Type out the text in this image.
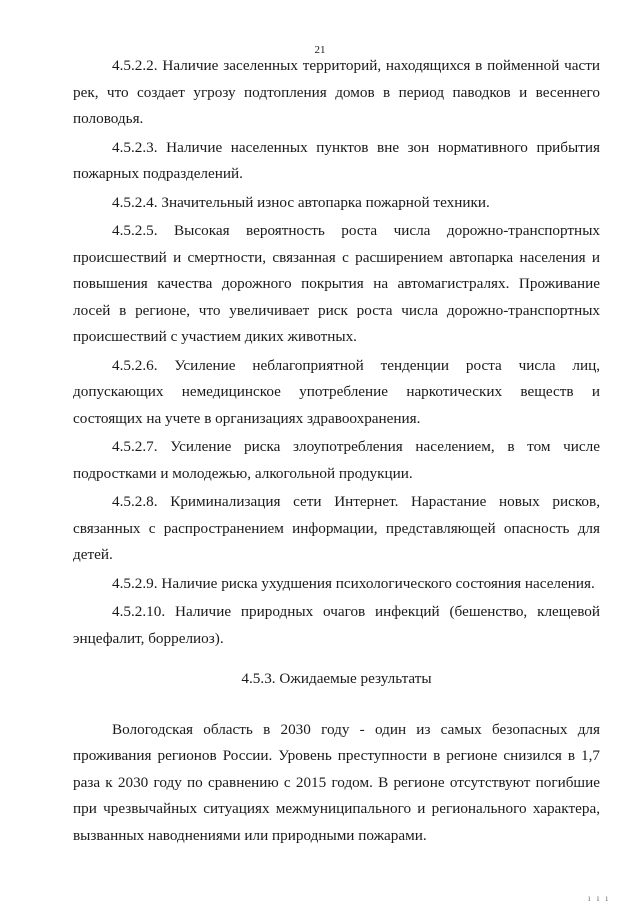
21

4.5.2.2. Наличие заселенных территорий, находящихся в пойменной части рек, что создает угрозу подтопления домов в период паводков и весеннего половодья.

4.5.2.3. Наличие населенных пунктов вне зон нормативного прибытия пожарных подразделений.

4.5.2.4. Значительный износ автопарка пожарной техники.

4.5.2.5. Высокая вероятность роста числа дорожно-транспортных происшествий и смертности, связанная с расширением автопарка населения и повышения качества дорожного покрытия на автомагистралях. Проживание лосей в регионе, что увеличивает риск роста числа дорожно-транспортных происшествий с участием диких животных.

4.5.2.6. Усиление неблагоприятной тенденции роста числа лиц, допускающих немедицинское употребление наркотических веществ и состоящих на учете в организациях здравоохранения.

4.5.2.7. Усиление риска злоупотребления населением, в том числе подростками и молодежью, алкогольной продукции.

4.5.2.8. Криминализация сети Интернет. Нарастание новых рисков, связанных с распространением информации, представляющей опасность для детей.

4.5.2.9. Наличие риска ухудшения психологического состояния населения.

4.5.2.10. Наличие природных очагов инфекций (бешенство, клещевой энцефалит, боррелиоз).

4.5.3. Ожидаемые результаты

Вологодская область в 2030 году - один из самых безопасных для проживания регионов России. Уровень преступности в регионе снизился в 1,7 раза к 2030 году по сравнению с 2015 годом. В регионе отсутствуют погибшие при чрезвычайных ситуациях межмуниципального и регионального характера, вызванных наводнениями или природными пожарами.

ı ı ı
